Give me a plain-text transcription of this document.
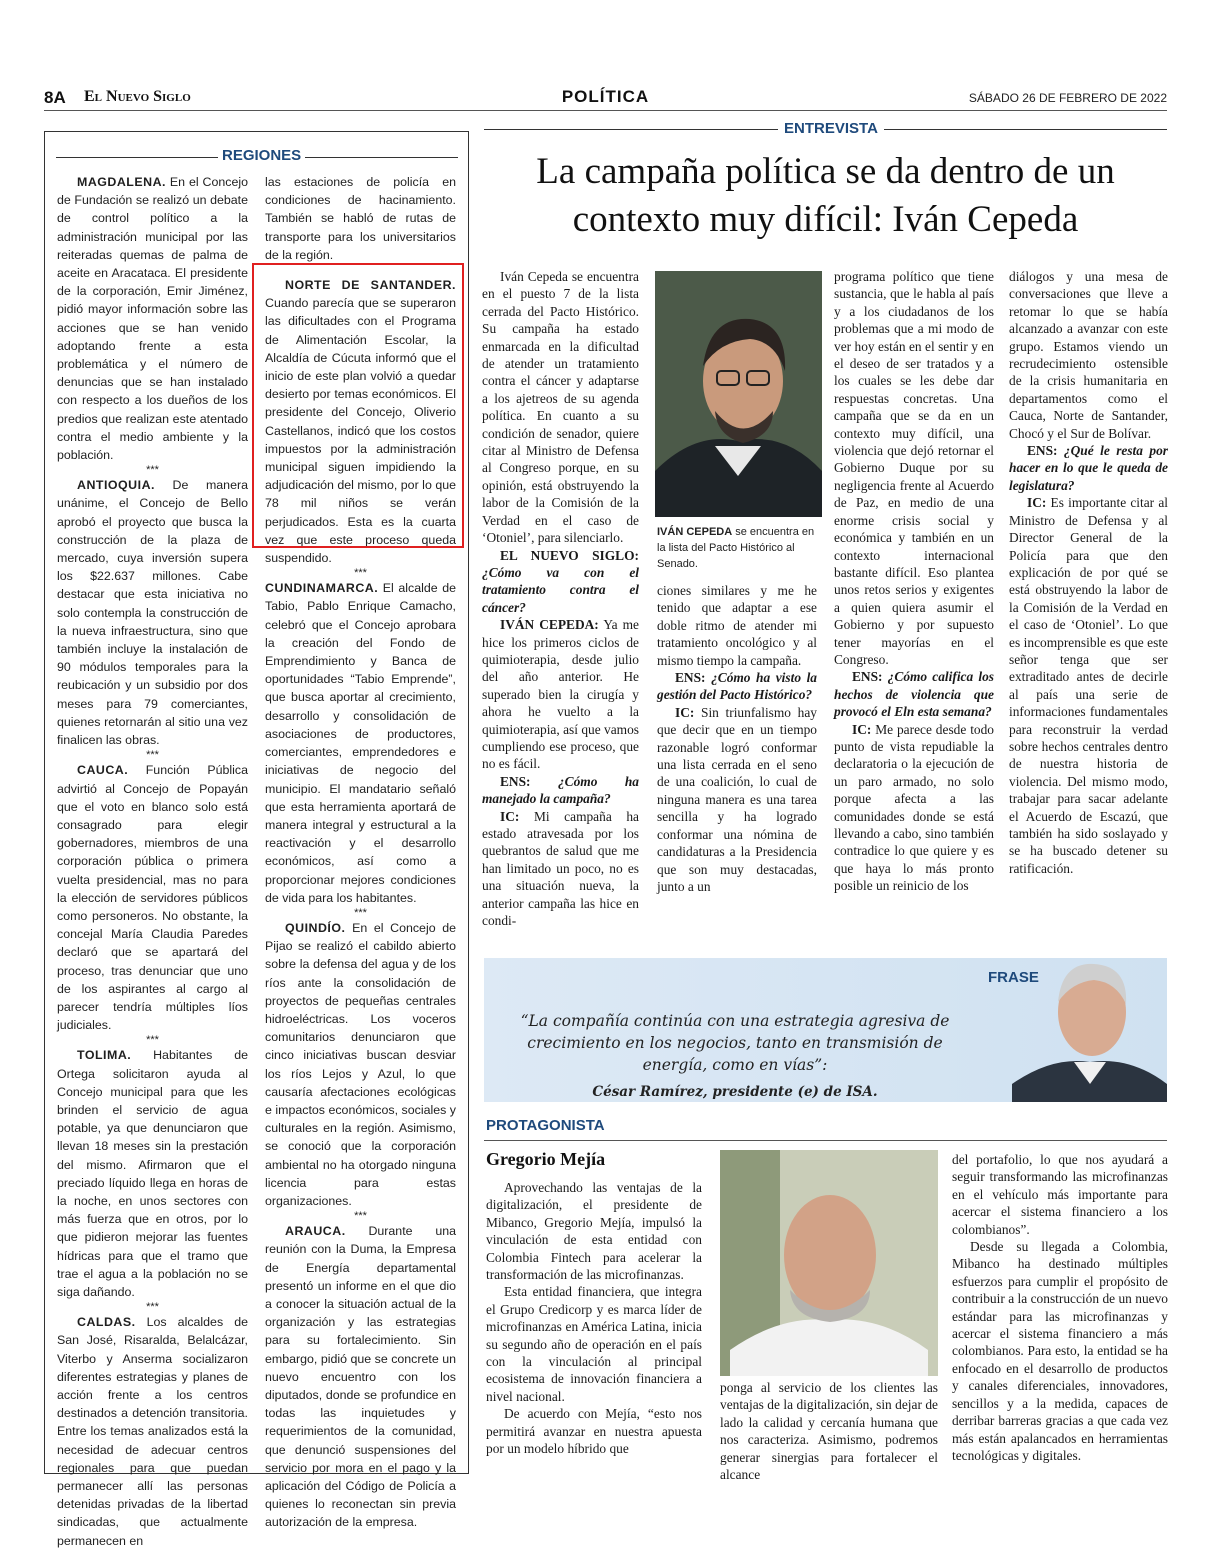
8A El Nuevo Siglo	POLÍTICA	SÁBADO 26 DE FEBRERO DE 2022
REGIONES

MAGDALENA. En el Concejo de Fundación se realizó un debate de control político a la administración municipal por las reiteradas quemas de palma de aceite en Aracataca. El presidente de la corporación, Emir Jiménez, pidió mayor información sobre las acciones que se han venido adoptando frente a esta problemática y el número de denuncias que se han instalado con respecto a los dueños de los predios que realizan este atentado contra el medio ambiente y la población.

***

ANTIOQUIA. De manera unánime, el Concejo de Bello aprobó el proyecto que busca la construcción de la plaza de mercado, cuya inversión supera los $22.637 millones. Cabe destacar que esta iniciativa no solo contempla la construcción de la nueva infraestructura, sino que también incluye la instalación de 90 módulos temporales para la reubicación y un subsidio por dos meses para 79 comerciantes, quienes retornarán al sitio una vez finalicen las obras.

***

CAUCA. Función Pública advirtió al Concejo de Popayán que el voto en blanco solo está consagrado para elegir gobernadores, miembros de una corporación pública o primera vuelta presidencial, mas no para la elección de servidores públicos como personeros. No obstante, la concejal María Claudia Paredes declaró que se apartará del proceso, tras denunciar que uno de los aspirantes al cargo al parecer tendría múltiples líos judiciales.

***

TOLIMA. Habitantes de Ortega solicitaron ayuda al Concejo municipal para que les brinden el servicio de agua potable, ya que denunciaron que llevan 18 meses sin la prestación del mismo. Afirmaron que el preciado líquido llega en horas de la noche, en unos sectores con más fuerza que en otros, por lo que pidieron mejorar las fuentes hídricas para que el tramo que trae el agua a la población no se siga dañando.

***

CALDAS. Los alcaldes de San José, Risaralda, Belalcázar, Viterbo y Anserma socializaron diferentes estrategias y planes de acción frente a los centros destinados a detención transitoria. Entre los temas analizados está la necesidad de adecuar centros regionales para que puedan permanecer allí las personas detenidas privadas de la libertad sindicadas, que actualmente permanecen en

las estaciones de policía en condiciones de hacinamiento. También se habló de rutas de transporte para los universitarios de la región.

NORTE DE SANTANDER. Cuando parecía que se superaron las dificultades con el Programa de Alimentación Escolar, la Alcaldía de Cúcuta informó que el inicio de este plan volvió a quedar desierto por temas económicos. El presidente del Concejo, Oliverio Castellanos, indicó que los costos impuestos por la administración municipal siguen impidiendo la adjudicación del mismo, por lo que 78 mil niños se verán perjudicados. Esta es la cuarta vez que este proceso queda suspendido.

***

CUNDINAMARCA. El alcalde de Tabio, Pablo Enrique Camacho, celebró que el Concejo aprobara la creación del Fondo de Emprendimiento y Banca de oportunidades “Tabio Emprende”, que busca aportar al crecimiento, desarrollo y consolidación de asociaciones de productores, comerciantes, emprendedores e iniciativas de negocio del municipio. El mandatario señaló que esta herramienta aportará de manera integral y estructural a la reactivación y el desarrollo económicos, así como a proporcionar mejores condiciones de vida para los habitantes.

***

QUINDÍO. En el Concejo de Pijao se realizó el cabildo abierto sobre la defensa del agua y de los ríos ante la consolidación de proyectos de pequeñas centrales hidroeléctricas. Los voceros comunitarios denunciaron que cinco iniciativas buscan desviar los ríos Lejos y Azul, lo que causaría afectaciones ecológicas e impactos económicos, sociales y culturales en la región. Asimismo, se conoció que la corporación ambiental no ha otorgado ninguna licencia para estas organizaciones.

***

ARAUCA. Durante una reunión con la Duma, la Empresa de Energía departamental presentó un informe en el que dio a conocer la situación actual de la organización y las estrategias para su fortalecimiento. Sin embargo, pidió que se concrete un nuevo encuentro con los diputados, donde se profundice en todas las inquietudes y requerimientos de la comunidad, que denunció suspensiones del servicio por mora en el pago y la aplicación del Código de Policía a quienes lo reconectan sin previa autorización de la empresa.

ENTREVISTA
La campaña política se da dentro de un contexto muy difícil: Iván Cepeda

Iván Cepeda se encuentra en el puesto 7 de la lista cerrada del Pacto Histórico. Su campaña ha estado enmarcada en la dificultad de atender un tratamiento contra el cáncer y adaptarse a los ajetreos de su agenda política. En cuanto a su condición de senador, quiere citar al Ministro de Defensa al Congreso porque, en su opinión, está obstruyendo la labor de la Comisión de la Verdad en el caso de ‘Otoniel’, para silenciarlo.

EL NUEVO SIGLO: ¿Cómo va con el tratamiento contra el cáncer?

IVÁN CEPEDA: Ya me hice los primeros ciclos de quimioterapia, desde julio del año anterior. He superado bien la cirugía y ahora he vuelto a la quimioterapia, así que vamos cumpliendo ese proceso, que no es fácil.

ENS: ¿Cómo ha manejado la campaña?

IC: Mi campaña ha estado atravesada por los quebrantos de salud que me han limitado un poco, no es una situación nueva, la anterior campaña las hice en condi-

IVÁN CEPEDA se encuentra en la lista del Pacto Histórico al Senado.

ciones similares y me he tenido que adaptar a ese doble ritmo de atender mi tratamiento oncológico y al mismo tiempo la campaña.

ENS: ¿Cómo ha visto la gestión del Pacto Histórico?

IC: Sin triunfalismo hay que decir que en un tiempo razonable logró conformar una lista cerrada en el seno de una coalición, lo cual de ninguna manera es una tarea sencilla y ha logrado conformar una nómina de candidaturas a la Presidencia que son muy destacadas, junto a un

programa político que tiene sustancia, que le habla al país y a los ciudadanos de los problemas que a mi modo de ver hoy están en el sentir y en el deseo de ser tratados y a los cuales se les debe dar respuestas concretas. Una campaña que se da en un contexto muy difícil, una violencia que dejó retornar el Gobierno Duque por su negligencia frente al Acuerdo de Paz, en medio de una enorme crisis social y económica y también en un contexto internacional bastante difícil. Eso plantea unos retos serios y exigentes a quien quiera asumir el Gobierno y por supuesto tener mayorías en el Congreso.

ENS: ¿Cómo califica los hechos de violencia que provocó el Eln esta semana?

IC: Me parece desde todo punto de vista repudiable la declaratoria o la ejecución de un paro armado, no solo porque afecta a las comunidades donde se está llevando a cabo, sino también contradice lo que quiere y es que haya lo más pronto posible un reinicio de los

diálogos y una mesa de conversaciones que lleve a retomar lo que se había alcanzado a avanzar con este grupo. Estamos viendo un recrudecimiento ostensible de la crisis humanitaria en departamentos como el Cauca, Norte de Santander, Chocó y el Sur de Bolívar.

ENS: ¿Qué le resta por hacer en lo que le queda de legislatura?

IC: Es importante citar al Ministro de Defensa y al Director General de la Policía para que den explicación de por qué se está obstruyendo la labor de la Comisión de la Verdad en el caso de ‘Otoniel’. Lo que es incomprensible es que este señor tenga que ser extraditado antes de decirle al país una serie de informaciones fundamentales para reconstruir la verdad sobre hechos centrales dentro de nuestra historia de violencia. Del mismo modo, trabajar para sacar adelante el Acuerdo de Escazú, que también ha sido soslayado y se ha buscado detener su ratificación.

FRASE
“La compañía continúa con una estrategia agresiva de crecimiento en los negocios, tanto en transmisión de energía, como en vías”:
César Ramírez, presidente (e) de ISA.
PROTAGONISTA
Gregorio Mejía

Aprovechando las ventajas de la digitalización, el presidente de Mibanco, Gregorio Mejía, impulsó la vinculación de esta entidad con Colombia Fintech para acelerar la transformación de las microfinanzas.

Esta entidad financiera, que integra el Grupo Credicorp y es marca líder de microfinanzas en América Latina, inicia su segundo año de operación en el país con la vinculación al principal ecosistema de innovación financiera a nivel nacional.

De acuerdo con Mejía, “esto nos permitirá avanzar en nuestra apuesta por un modelo híbrido que

ponga al servicio de los clientes las ventajas de la digitalización, sin dejar de lado la calidad y cercanía humana que nos caracteriza. Asimismo, podremos generar sinergias para fortalecer el alcance

del portafolio, lo que nos ayudará a seguir transformando las microfinanzas en el vehículo más importante para acercar el sistema financiero a los colombianos”.

Desde su llegada a Colombia, Mibanco ha destinado múltiples esfuerzos para cumplir el propósito de contribuir a la construcción de un nuevo estándar para las microfinanzas y acercar el sistema financiero a más colombianos. Para esto, la entidad se ha enfocado en el desarrollo de productos y canales diferenciales, innovadores, sencillos y a la medida, capaces de derribar barreras gracias a que cada vez más están apalancados en herramientas tecnológicas y digitales.
